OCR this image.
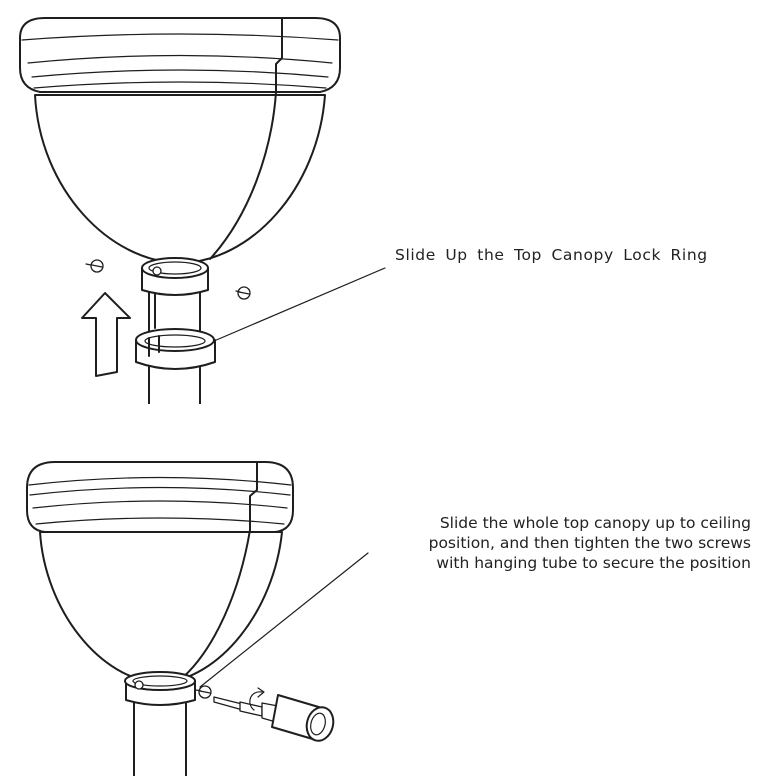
Slide Up the Top Canopy Lock Ring
Slide the whole top canopy up to ceiling
position, and then tighten the two screws
with hanging tube to secure the position
